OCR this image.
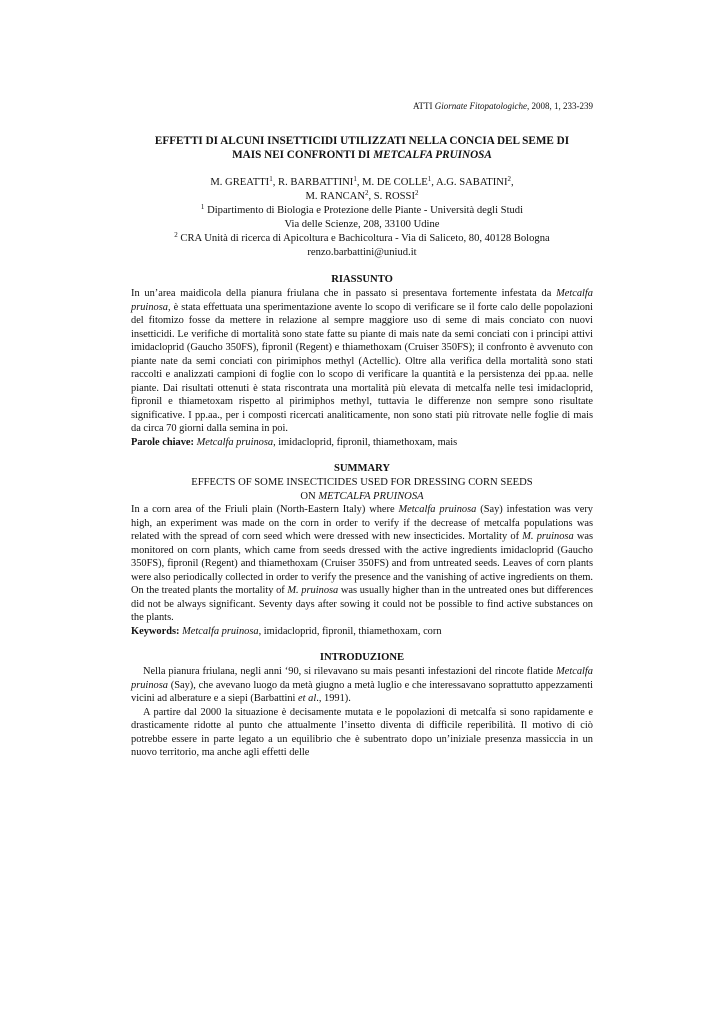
ATTI Giornate Fitopatologiche, 2008, 1, 233-239
EFFETTI DI ALCUNI INSETTICIDI UTILIZZATI NELLA CONCIA DEL SEME DI
MAIS NEI CONFRONTI DI METCALFA PRUINOSA
M. GREATTI$^1$, R. BARBATTINI$^1$, M. DE COLLE$^1$, A.G. SABATINI$^2$,
M. RANCAN$^2$, S. ROSSI$^2$
$^1$ Dipartimento di Biologia e Protezione delle Piante - Università degli Studi
Via delle Scienze, 208, 33100 Udine
$^2$ CRA Unità di ricerca di Apicoltura e Bachicoltura - Via di Saliceto, 80, 40128 Bologna
renzo.barbattini@uniud.it
RIASSUNTO

In un’area maidicola della pianura friulana che in passato si presentava fortemente infestata da Metcalfa pruinosa, è stata effettuata una sperimentazione avente lo scopo di verificare se il forte calo delle popolazioni del fitomizo fosse da mettere in relazione al sempre maggiore uso di seme di mais conciato con nuovi insetticidi. Le verifiche di mortalità sono state fatte su piante di mais nate da semi conciati con i principi attivi imidacloprid (Gaucho 350FS), fipronil (Regent) e thiamethoxam (Cruiser 350FS); il confronto è avvenuto con piante nate da semi conciati con pirimiphos methyl (Actellic). Oltre alla verifica della mortalità sono stati raccolti e analizzati campioni di foglie con lo scopo di verificare la quantità e la persistenza dei pp.aa. nelle piante. Dai risultati ottenuti è stata riscontrata una mortalità più elevata di metcalfa nelle tesi imidacloprid, fipronil e thiametoxam rispetto al pirimiphos methyl, tuttavia le differenze non sempre sono risultate significative. I pp.aa., per i composti ricercati analiticamente, non sono stati più ritrovate nelle foglie di mais da circa 70 giorni dalla semina in poi.

Parole chiave: Metcalfa pruinosa, imidacloprid, fipronil, thiamethoxam, mais

SUMMARY
EFFECTS OF SOME INSECTICIDES USED FOR DRESSING CORN SEEDS
ON METCALFA PRUINOSA

In a corn area of the Friuli plain (North-Eastern Italy) where Metcalfa pruinosa (Say) infestation was very high, an experiment was made on the corn in order to verify if the decrease of metcalfa populations was related with the spread of corn seed which were dressed with new insecticides. Mortality of M. pruinosa was monitored on corn plants, which came from seeds dressed with the active ingredients imidacloprid (Gaucho 350FS), fipronil (Regent) and thiamethoxam (Cruiser 350FS) and from untreated seeds. Leaves of corn plants were also periodically collected in order to verify the presence and the vanishing of active ingredients on them. On the treated plants the mortality of M. pruinosa was usually higher than in the untreated ones but differences did not be always significant. Seventy days after sowing it could not be possible to find active substances on the plants.

Keywords: Metcalfa pruinosa, imidacloprid, fipronil, thiamethoxam, corn

INTRODUZIONE

Nella pianura friulana, negli anni ‘90, si rilevavano su mais pesanti infestazioni del rincote flatide Metcalfa pruinosa (Say), che avevano luogo da metà giugno a metà luglio e che interessavano soprattutto appezzamenti vicini ad alberature e a siepi (Barbattini et al., 1991).

A partire dal 2000 la situazione è decisamente mutata e le popolazioni di metcalfa si sono rapidamente e drasticamente ridotte al punto che attualmente l’insetto diventa di difficile reperibilità. Il motivo di ciò potrebbe essere in parte legato a un equilibrio che è subentrato dopo un’iniziale presenza massiccia in un nuovo territorio, ma anche agli effetti delle
